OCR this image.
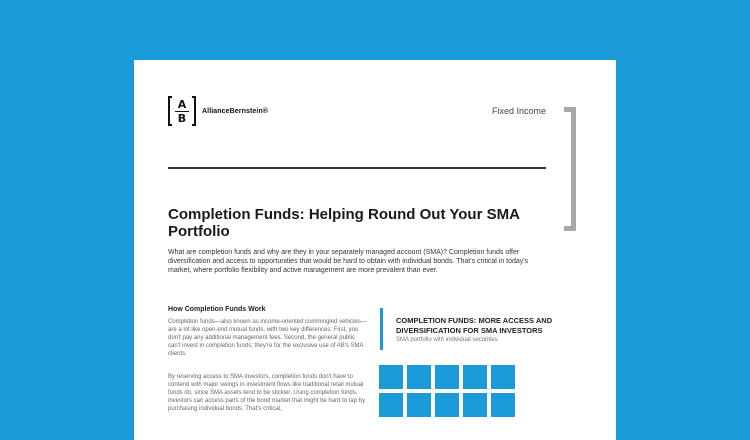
A
B
AllianceBernstein®	Fixed Income
Completion Funds: Helping Round Out Your SMA Portfolio

What are completion funds and why are they in your separately managed account (SMA)? Completion funds offer diversification and access to opportunities that would be hard to obtain with individual bonds. That's critical in today's market, where portfolio flexibility and active management are more prevalent than ever.

How Completion Funds Work

Completion funds—also known as income-oriented commingled vehicles—are a lot like open-end mutual funds, with two key differences: First, you don't pay any additional management fees. Second, the general public can't invest in completion funds; they're for the exclusive use of AB's SMA clients.

By reserving access to SMA investors, completion funds don't have to contend with major swings in investment flows like traditional retail mutual funds do, since SMA assets tend to be stickier. Using completion funds, investors can access parts of the bond market that might be hard to tap by purchasing individual bonds. That's critical,

COMPLETION FUNDS: MORE ACCESS AND DIVERSIFICATION FOR SMA INVESTORS

SMA portfolio with individual securities
